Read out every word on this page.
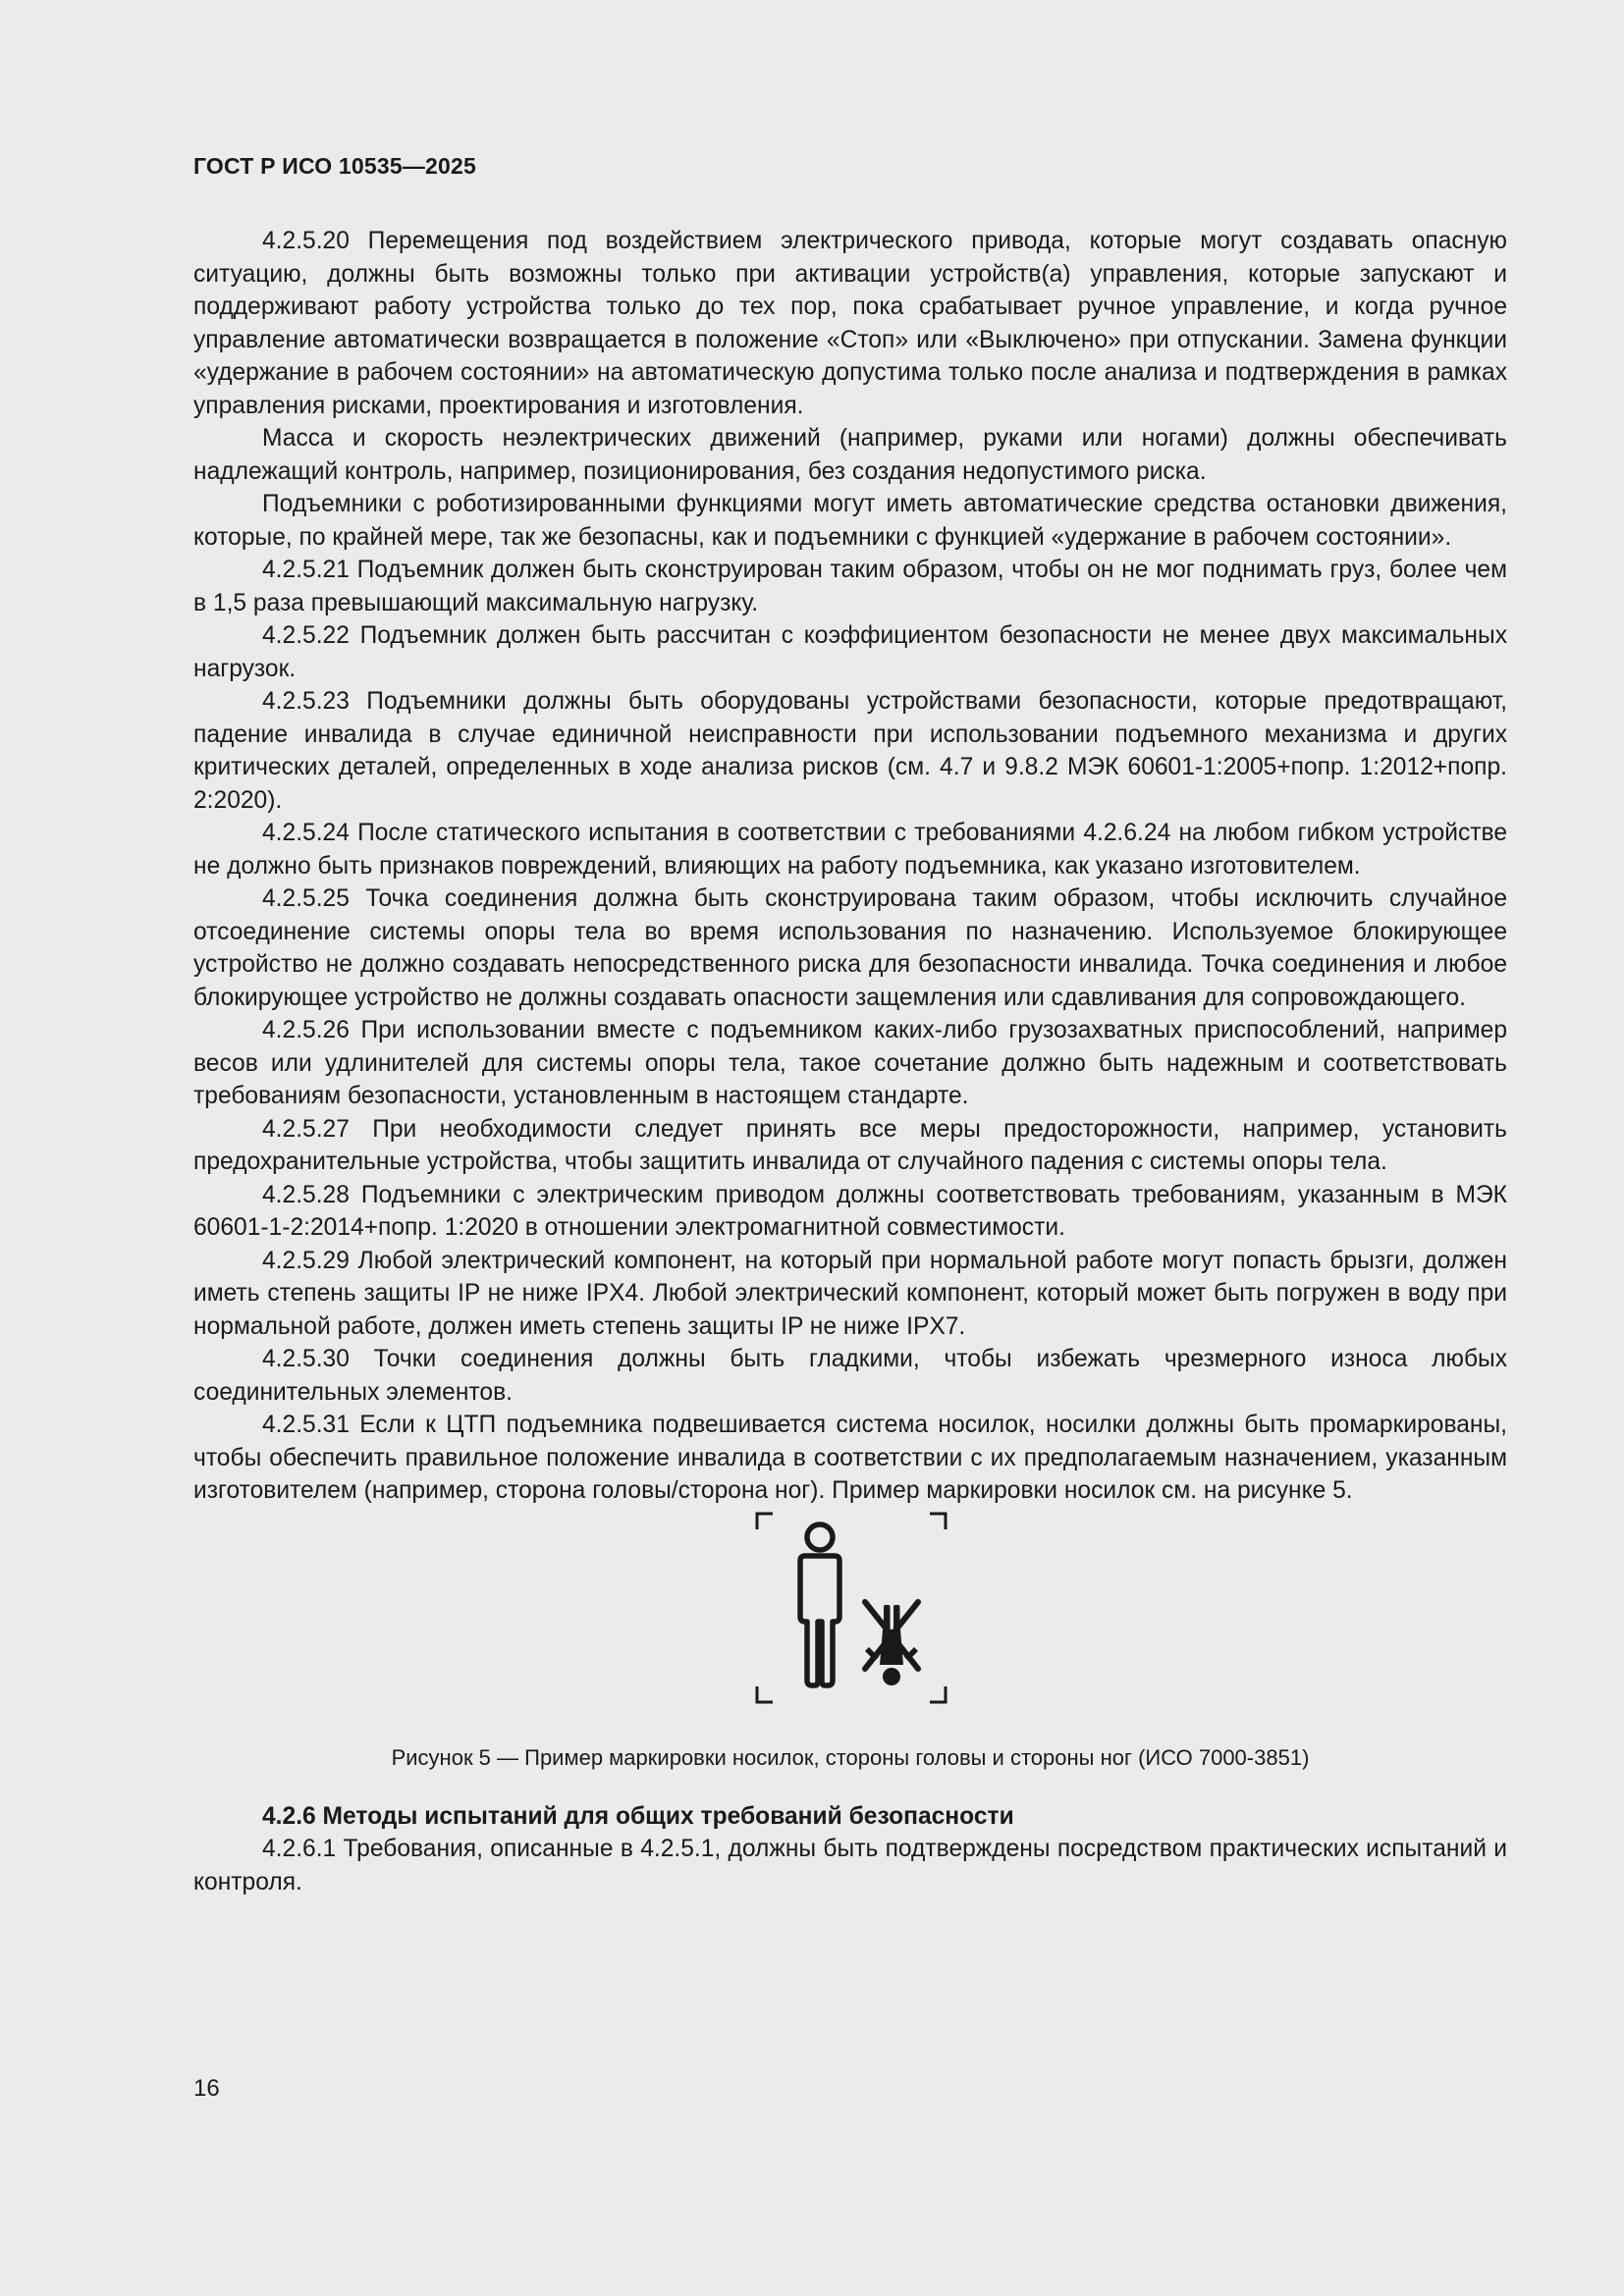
ГОСТ Р ИСО 10535—2025

4.2.5.20 Перемещения под воздействием электрического привода, которые могут создавать опасную ситуацию, должны быть возможны только при активации устройств(а) управления, которые запускают и поддерживают работу устройства только до тех пор, пока срабатывает ручное управление, и когда ручное управление автоматически возвращается в положение «Стоп» или «Выключено» при отпускании. Замена функции «удержание в рабочем состоянии» на автоматическую допустима только после анализа и подтверждения в рамках управления рисками, проектирования и изготовления.

Масса и скорость неэлектрических движений (например, руками или ногами) должны обеспечивать надлежащий контроль, например, позиционирования, без создания недопустимого риска.

Подъемники с роботизированными функциями могут иметь автоматические средства остановки движения, которые, по крайней мере, так же безопасны, как и подъемники с функцией «удержание в рабочем состоянии».

4.2.5.21 Подъемник должен быть сконструирован таким образом, чтобы он не мог поднимать груз, более чем в 1,5 раза превышающий максимальную нагрузку.

4.2.5.22 Подъемник должен быть рассчитан с коэффициентом безопасности не менее двух максимальных нагрузок.

4.2.5.23 Подъемники должны быть оборудованы устройствами безопасности, которые предотвращают, падение инвалида в случае единичной неисправности при использовании подъемного механизма и других критических деталей, определенных в ходе анализа рисков (см. 4.7 и 9.8.2 МЭК 60601-1:2005+попр. 1:2012+попр. 2:2020).

4.2.5.24 После статического испытания в соответствии с требованиями 4.2.6.24 на любом гибком устройстве не должно быть признаков повреждений, влияющих на работу подъемника, как указано изготовителем.

4.2.5.25 Точка соединения должна быть сконструирована таким образом, чтобы исключить случайное отсоединение системы опоры тела во время использования по назначению. Используемое блокирующее устройство не должно создавать непосредственного риска для безопасности инвалида. Точка соединения и любое блокирующее устройство не должны создавать опасности защемления или сдавливания для сопровождающего.

4.2.5.26 При использовании вместе с подъемником каких-либо грузозахватных приспособлений, например весов или удлинителей для системы опоры тела, такое сочетание должно быть надежным и соответствовать требованиям безопасности, установленным в настоящем стандарте.

4.2.5.27 При необходимости следует принять все меры предосторожности, например, установить предохранительные устройства, чтобы защитить инвалида от случайного падения с системы опоры тела.

4.2.5.28 Подъемники с электрическим приводом должны соответствовать требованиям, указанным в МЭК 60601-1-2:2014+попр. 1:2020 в отношении электромагнитной совместимости.

4.2.5.29 Любой электрический компонент, на который при нормальной работе могут попасть брызги, должен иметь степень защиты IP не ниже IPX4. Любой электрический компонент, который может быть погружен в воду при нормальной работе, должен иметь степень защиты IP не ниже IPX7.

4.2.5.30 Точки соединения должны быть гладкими, чтобы избежать чрезмерного износа любых соединительных элементов.

4.2.5.31 Если к ЦТП подъемника подвешивается система носилок, носилки должны быть промаркированы, чтобы обеспечить правильное положение инвалида в соответствии с их предполагаемым назначением, указанным изготовителем (например, сторона головы/сторона ног). Пример маркировки носилок см. на рисунке 5.

Рисунок 5 — Пример маркировки носилок, стороны головы и стороны ног (ИСО 7000-3851)

4.2.6 Методы испытаний для общих требований безопасности

4.2.6.1 Требования, описанные в 4.2.5.1, должны быть подтверждены посредством практических испытаний и контроля.

16
